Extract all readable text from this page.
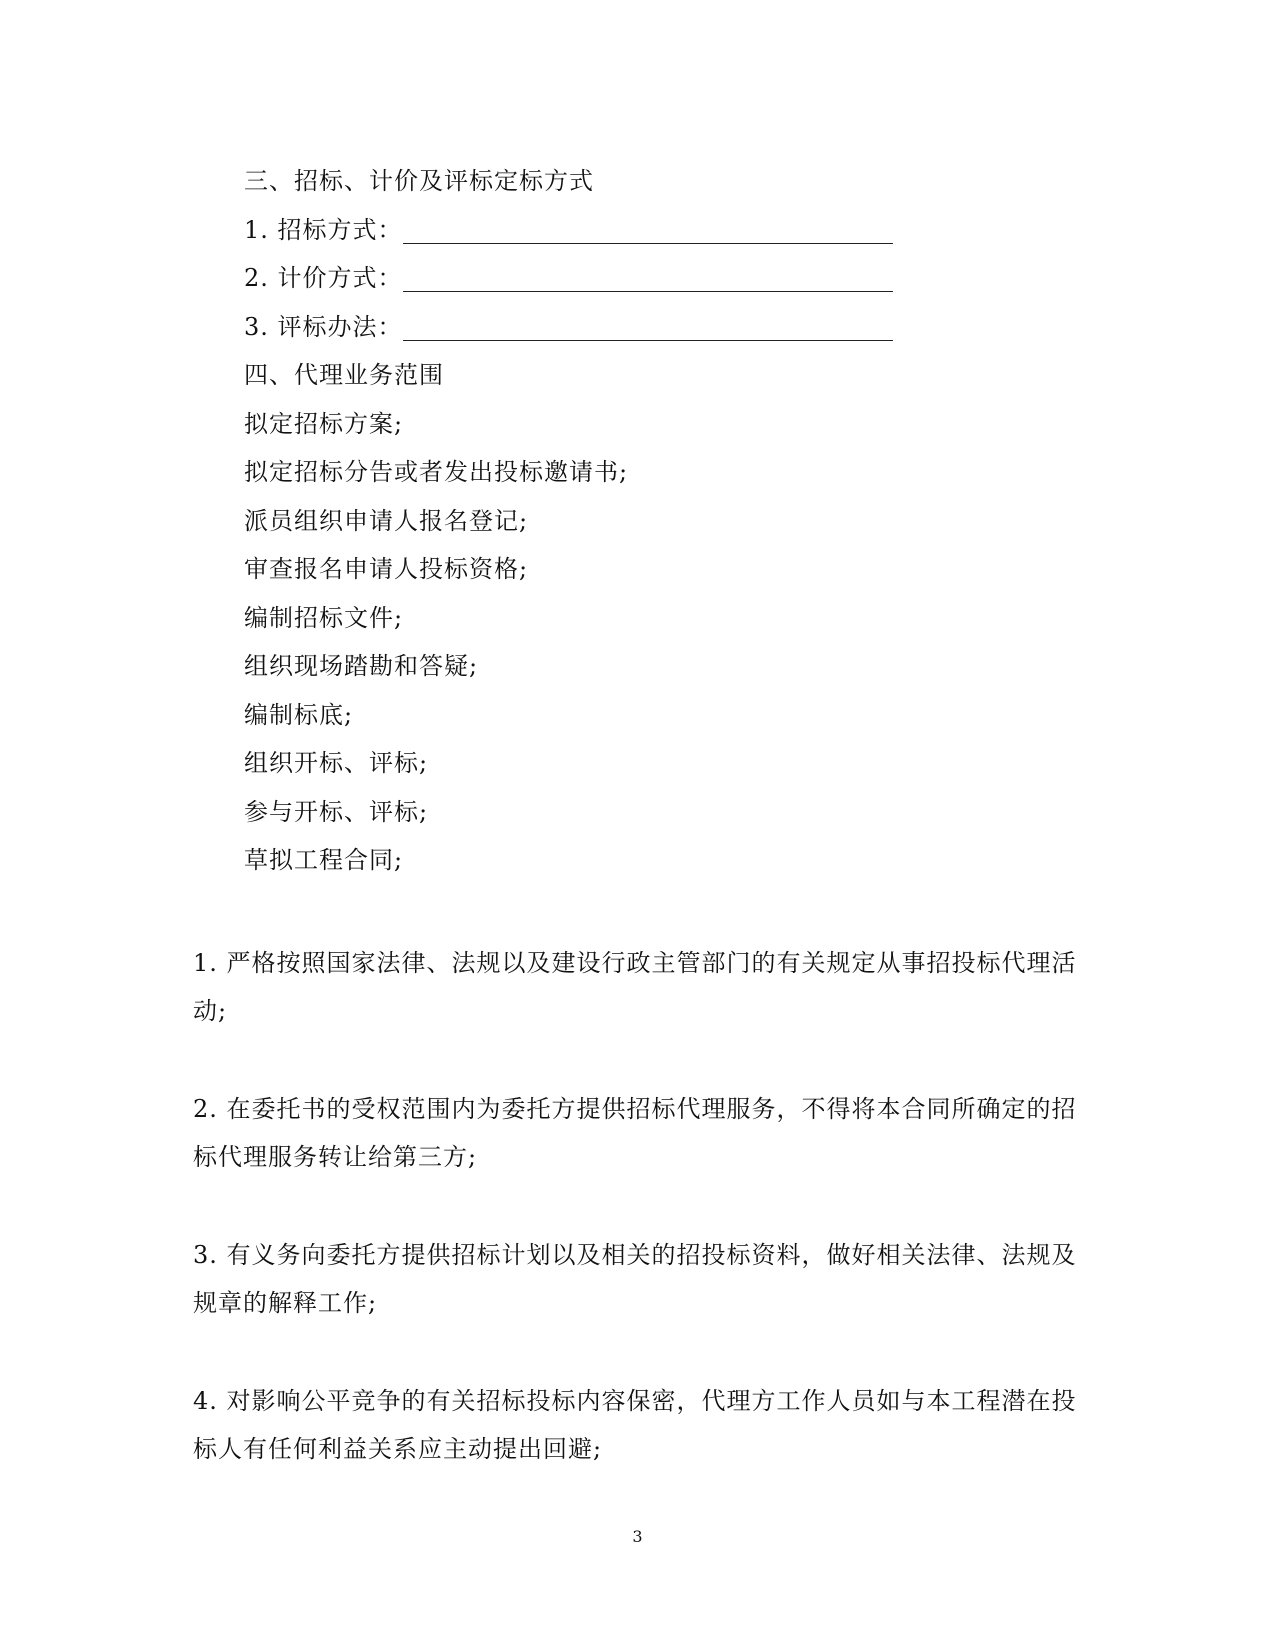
三、招标、计价及评标定标方式
1. 招标方式：
2. 计价方式：
3. 评标办法：
四、代理业务范围
拟定招标方案;
拟定招标分告或者发出投标邀请书;
派员组织申请人报名登记;
审查报名申请人投标资格;
编制招标文件;
组织现场踏勘和答疑;
编制标底;
组织开标、评标;
参与开标、评标;
草拟工程合同;
1. 严格按照国家法律、法规以及建设行政主管部门的有关规定从事招投标代理活
动;
2. 在委托书的受权范围内为委托方提供招标代理服务，不得将本合同所确定的招
标代理服务转让给第三方;
3. 有义务向委托方提供招标计划以及相关的招投标资料，做好相关法律、法规及
规章的解释工作;
4. 对影响公平竞争的有关招标投标内容保密，代理方工作人员如与本工程潜在投
标人有任何利益关系应主动提出回避;
3
